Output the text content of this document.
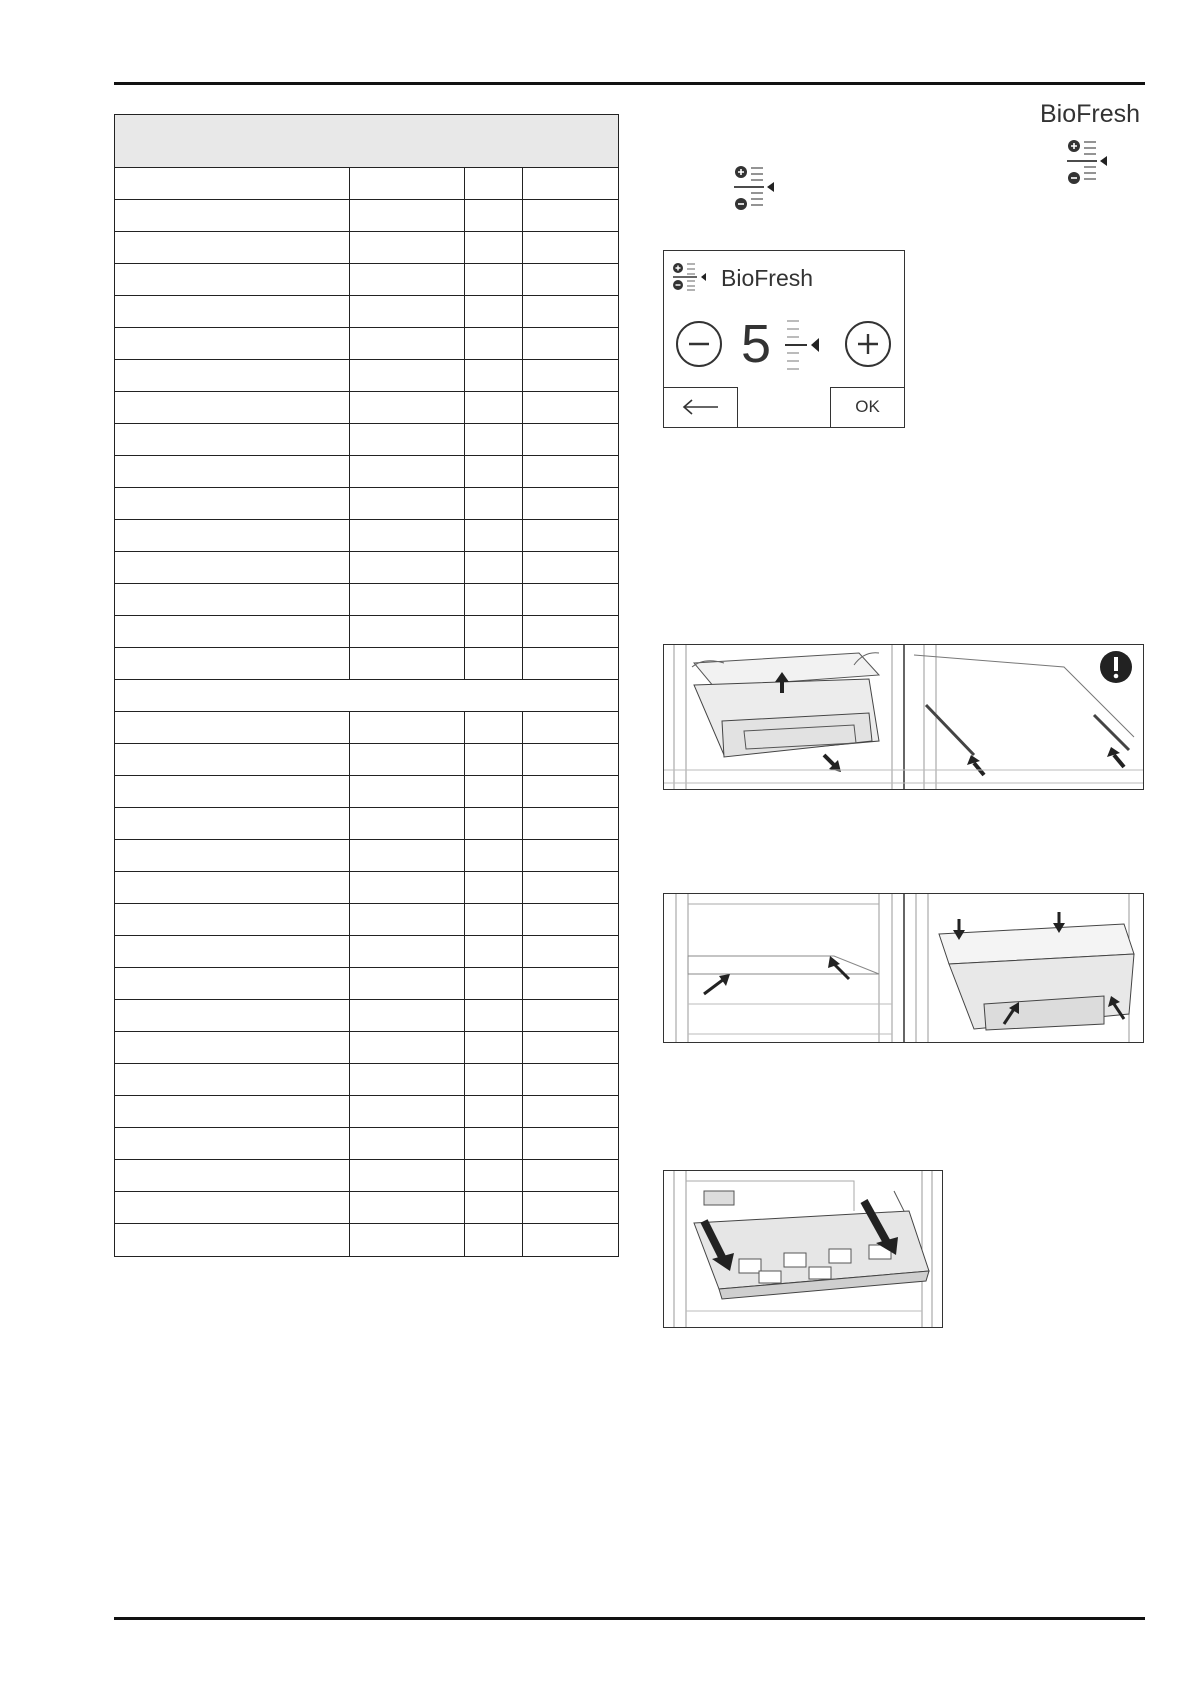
BioFresh
BioFresh
5
OK
